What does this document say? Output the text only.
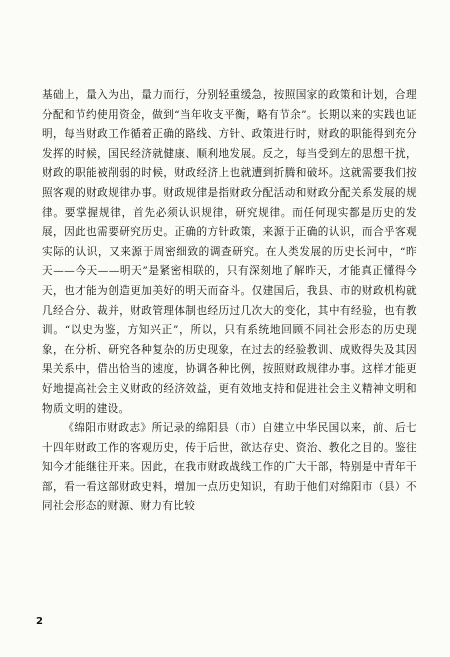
基础上，量入为出，量力而行，分别轻重缓急，按照国家的政策和计划，合理分配和节约使用资金，做到“当年收支平衡，略有节余”。长期以来的实践也证明，每当财政工作循着正确的路线、方针、政策进行时，财政的职能得到充分发挥的时候，国民经济就健康、顺利地发展。反之，每当受到左的思想干扰，财政的职能被削弱的时候，财政经济上也就遭到折腾和破坏。这就需要我们按照客观的财政规律办事。财政规律是指财政分配活动和财政分配关系发展的规律。要掌握规律，首先必须认识规律，研究规律。而任何现实都是历史的发展，因此也需要研究历史。正确的方针政策，来源于正确的认识，而合乎客观实际的认识，又来源于周密细致的调查研究。在人类发展的历史长河中，“昨天——今天——明天”是紧密相联的，只有深刻地了解昨天，才能真正懂得今天，也才能为创造更加美好的明天而奋斗。仅建国后，我县、市的财政机构就几经合分、裁并，财政管理体制也经历过几次大的变化，其中有经验，也有教训。“以史为鉴，方知兴正”，所以，只有系统地回顾不同社会形态的历史现象，在分析、研究各种复杂的历史现象，在过去的经验教训、成败得失及其因果关系中，借出恰当的速度，协调各种比例，按照财政规律办事。这样才能更好地提高社会主义财政的经济效益，更有效地支持和促进社会主义精神文明和物质文明的建设。

《绵阳市财政志》所记录的绵阳县（市）自建立中华民国以来，前、后七十四年财政工作的客观历史，传于后世，欲达存史、资治、教化之目的。鉴往知今才能继往开来。因此，在我市财政战线工作的广大干部，特别是中青年干部，看一看这部财政史料，增加一点历史知识，有助于他们对绵阳市（县）不同社会形态的财源、财力有比较

2
